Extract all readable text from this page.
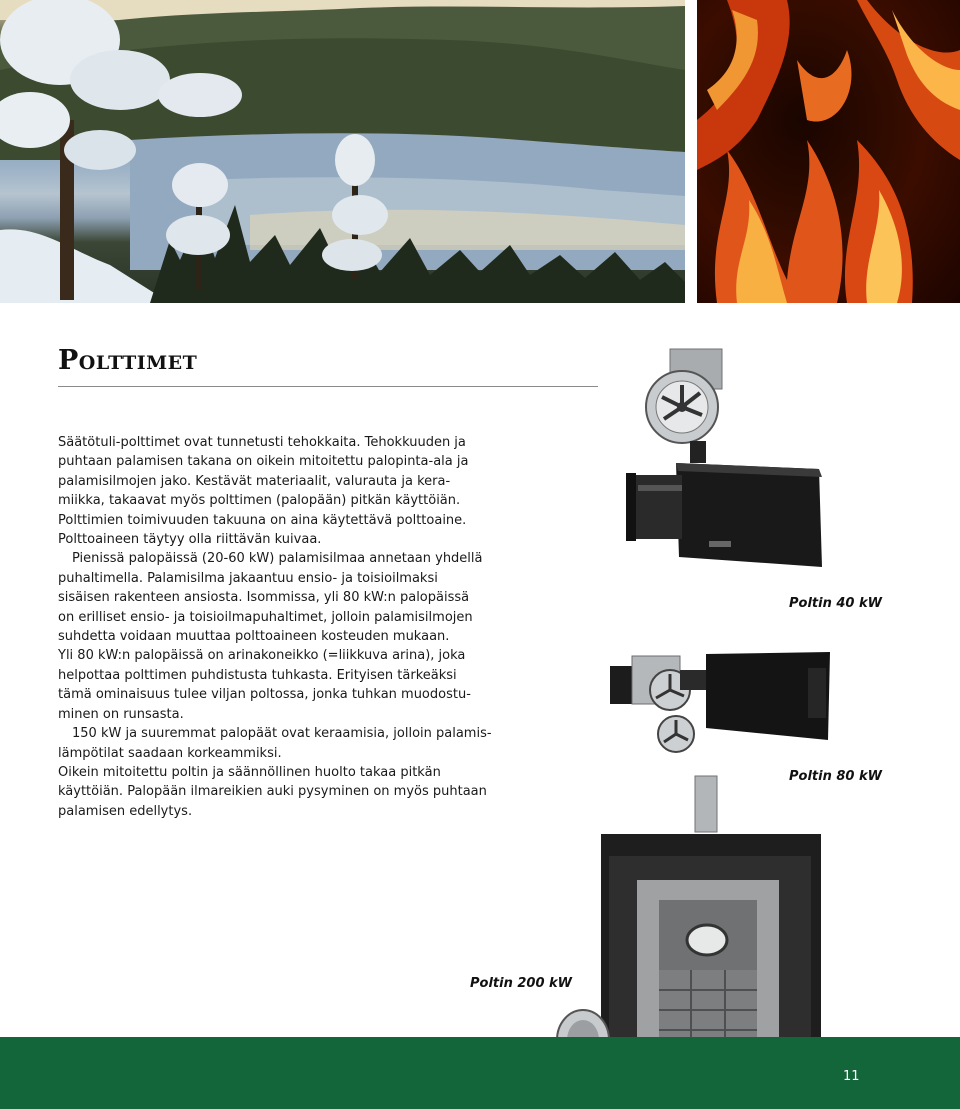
Polttimet
Säätötuli-polttimet ovat tunnetusti tehokkaita. Tehokkuuden ja
puhtaan palamisen takana on oikein mitoitettu palopinta-ala ja
palamisilmojen jako. Kestävät materiaalit, valurauta ja kera-
miikka, takaavat myös polttimen (palopään) pitkän käyttöiän.
Polttimien toimivuuden takuuna on aina käytettävä polttoaine.
Polttoaineen täytyy olla riittävän kuivaa.
Pienissä palopäissä (20-60 kW) palamisilmaa annetaan yhdellä
puhaltimella. Palamisilma jakaantuu ensio- ja toisioilmaksi
sisäisen rakenteen ansiosta. Isommissa, yli 80 kW:n palopäissä
on erilliset ensio- ja toisioilmapuhaltimet, jolloin palamisilmojen
suhdetta voidaan muuttaa polttoaineen kosteuden mukaan.
Yli 80 kW:n palopäissä on arinakoneikko (=liikkuva arina), joka
helpottaa polttimen puhdistusta tuhkasta. Erityisen tärkeäksi
tämä ominaisuus tulee viljan poltossa, jonka tuhkan muodostu-
minen on runsasta.
150 kW ja suuremmat palopäät ovat keraamisia, jolloin palamis-
lämpötilat saadaan korkeammiksi.
Oikein mitoitettu poltin ja säännöllinen huolto takaa pitkän
käyttöiän. Palopään ilmareikien auki pysyminen on myös puhtaan
palamisen edellytys.
Poltin 40 kW
Poltin 80 kW
Poltin 200 kW
11
